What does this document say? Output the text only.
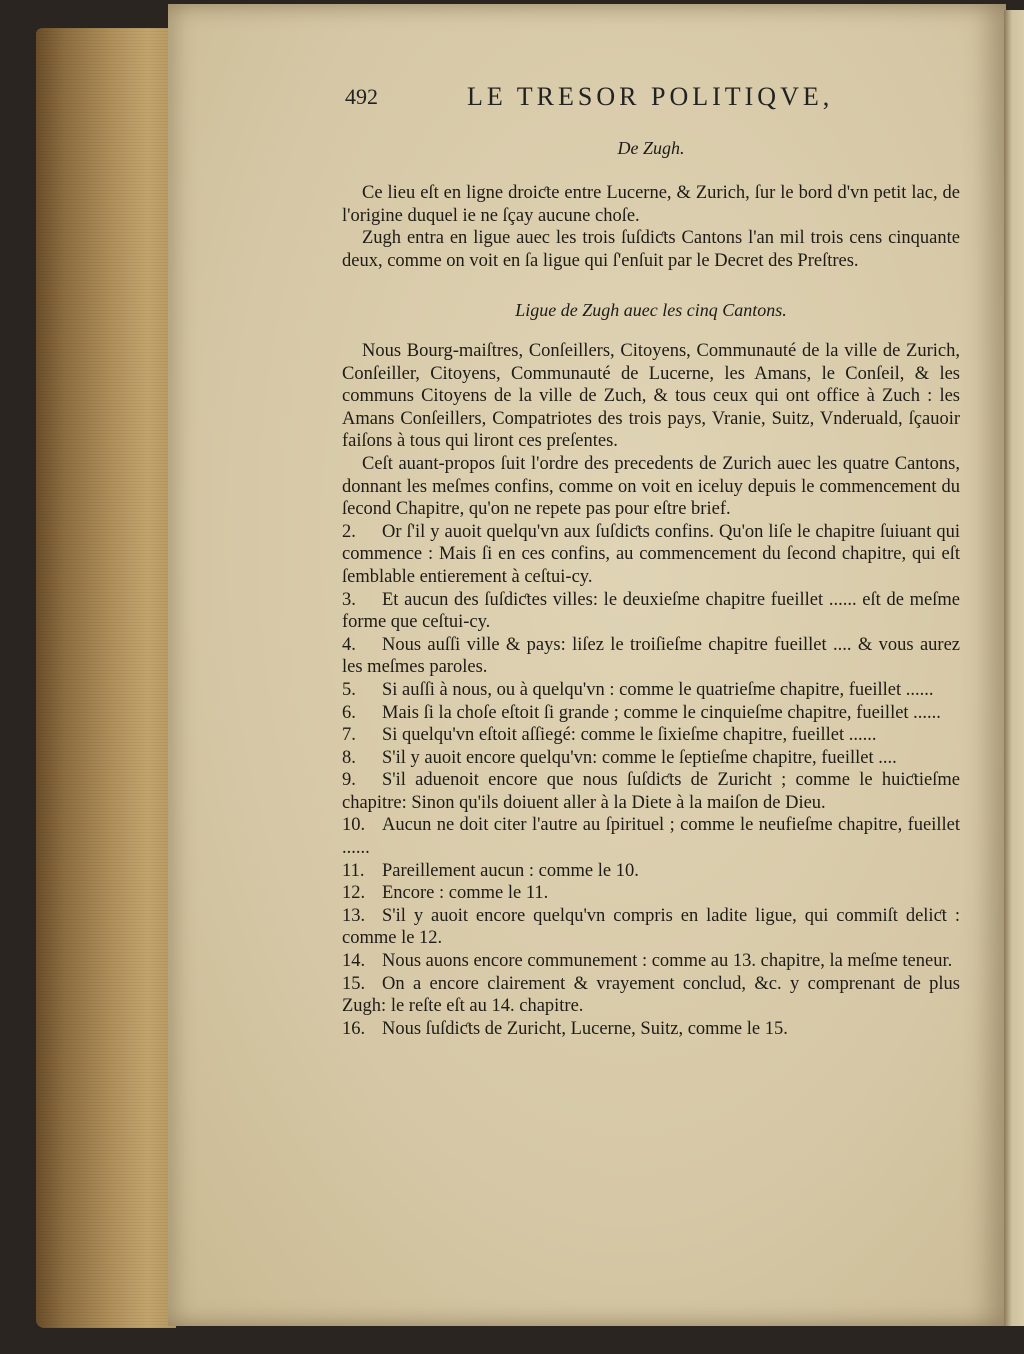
492	LE TRESOR POLITIQVE,
De Zugh.

Ce lieu eſt en ligne droiƈte entre Lucerne, & Zurich, ſur le bord d'vn petit lac, de l'origine duquel ie ne ſçay aucune choſe.

Zugh entra en ligue auec les trois ſuſdiƈts Cantons l'an mil trois cens cinquante deux, comme on voit en ſa ligue qui ſ'enſuit par le Decret des Preſtres.

Ligue de Zugh auec les cinq Cantons.

Nous Bourg-maiſtres, Conſeillers, Citoyens, Communauté de la ville de Zurich, Conſeiller, Citoyens, Communauté de Lucerne, les Amans, le Conſeil, & les communs Citoyens de la ville de Zuch, & tous ceux qui ont office à Zuch : les Amans Conſeillers, Compatriotes des trois pays, Vranie, Suitz, Vnderuald, ſçauoir faiſons à tous qui liront ces preſentes.

Ceſt auant-propos ſuit l'ordre des precedents de Zurich auec les quatre Cantons, donnant les meſmes confins, comme on voit en iceluy depuis le commencement du ſecond Chapitre, qu'on ne repete pas pour eſtre brief.

2. Or ſ'il y auoit quelqu'vn aux ſuſdiƈts confins. Qu'on liſe le chapitre ſuiuant qui commence : Mais ſi en ces confins, au commencement du ſecond chapitre, qui eſt ſemblable entierement à ceſtui-cy.

3. Et aucun des ſuſdiƈtes villes: le deuxieſme chapitre fueillet ...... eſt de meſme forme que ceſtui-cy.

4. Nous auſſi ville & pays: liſez le troiſieſme chapitre fueillet .... & vous aurez les meſmes paroles.

5. Si auſſi à nous, ou à quelqu'vn : comme le quatrieſme chapitre, fueillet ......

6. Mais ſi la choſe eſtoit ſi grande ; comme le cinquieſme chapitre, fueillet ......

7. Si quelqu'vn eſtoit aſſiegé: comme le ſixieſme chapitre, fueillet ......

8. S'il y auoit encore quelqu'vn: comme le ſeptieſme chapitre, fueillet ....

9. S'il aduenoit encore que nous ſuſdiƈts de Zuricht ; comme le huiƈtieſme chapitre: Sinon qu'ils doiuent aller à la Diete à la maiſon de Dieu.

10. Aucun ne doit citer l'autre au ſpirituel ; comme le neufieſme chapitre, fueillet ......

11. Pareillement aucun : comme le 10.

12. Encore : comme le 11.

13. S'il y auoit encore quelqu'vn compris en ladite ligue, qui commiſt deliƈt : comme le 12.

14. Nous auons encore communement : comme au 13. chapitre, la meſme teneur.

15. On a encore clairement & vrayement conclud, &c. y comprenant de plus Zugh: le reſte eſt au 14. chapitre.

16. Nous ſuſdiƈts de Zuricht, Lucerne, Suitz, comme le 15.
